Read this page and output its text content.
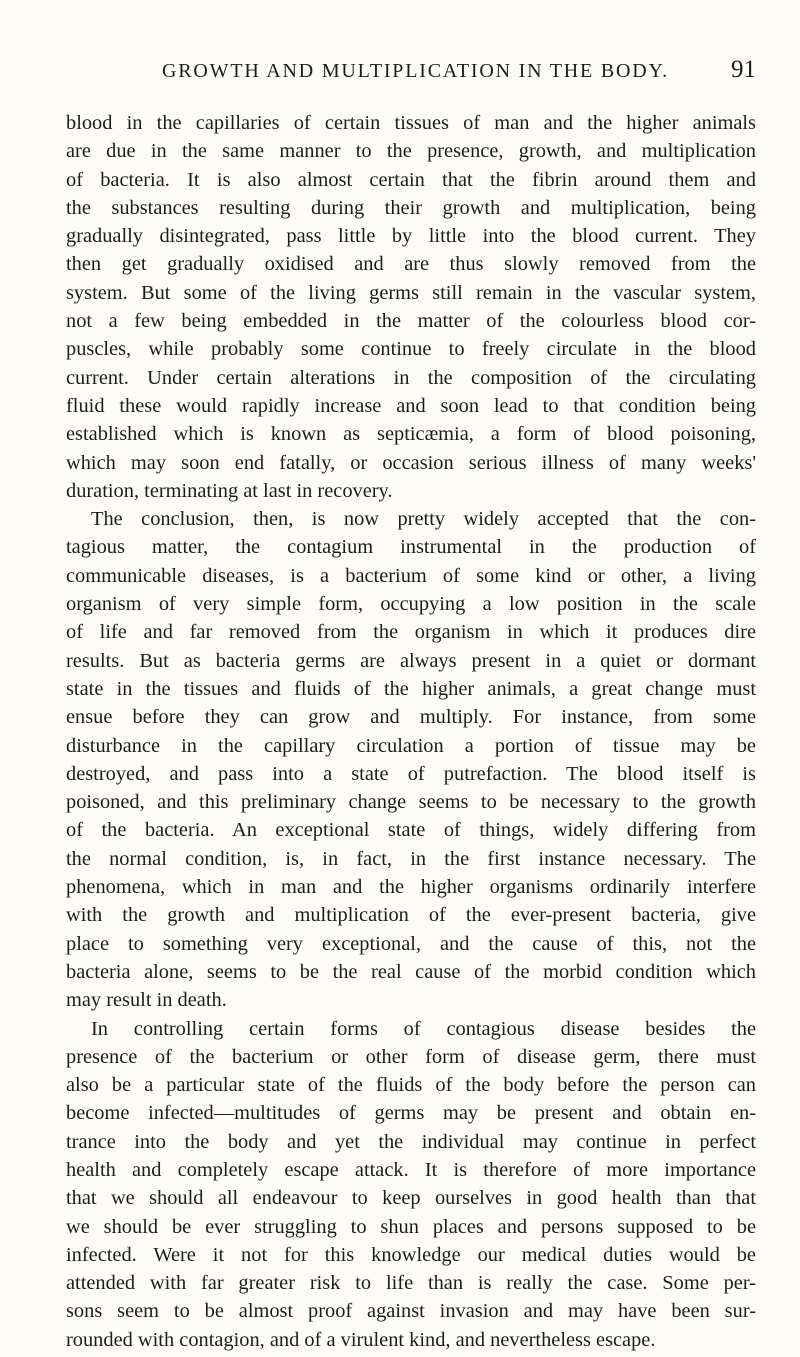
GROWTH AND MULTIPLICATION IN THE BODY.	91
blood in the capillaries of certain tissues of man and the higher animals
are due in the same manner to the presence, growth, and multiplication
of bacteria. It is also almost certain that the fibrin around them and
the substances resulting during their growth and multiplication, being
gradually disintegrated, pass little by little into the blood current. They
then get gradually oxidised and are thus slowly removed from the
system. But some of the living germs still remain in the vascular system,
not a few being embedded in the matter of the colourless blood cor-
puscles, while probably some continue to freely circulate in the blood
current. Under certain alterations in the composition of the circulating
fluid these would rapidly increase and soon lead to that condition being
established which is known as septicæmia, a form of blood poisoning,
which may soon end fatally, or occasion serious illness of many weeks'
duration, terminating at last in recovery.
The conclusion, then, is now pretty widely accepted that the con-
tagious matter, the contagium instrumental in the production of
communicable diseases, is a bacterium of some kind or other, a living
organism of very simple form, occupying a low position in the scale
of life and far removed from the organism in which it produces dire
results. But as bacteria germs are always present in a quiet or dormant
state in the tissues and fluids of the higher animals, a great change must
ensue before they can grow and multiply. For instance, from some
disturbance in the capillary circulation a portion of tissue may be
destroyed, and pass into a state of putrefaction. The blood itself is
poisoned, and this preliminary change seems to be necessary to the growth
of the bacteria. An exceptional state of things, widely differing from
the normal condition, is, in fact, in the first instance necessary. The
phenomena, which in man and the higher organisms ordinarily interfere
with the growth and multiplication of the ever-present bacteria, give
place to something very exceptional, and the cause of this, not the
bacteria alone, seems to be the real cause of the morbid condition which
may result in death.
In controlling certain forms of contagious disease besides the
presence of the bacterium or other form of disease germ, there must
also be a particular state of the fluids of the body before the person can
become infected—multitudes of germs may be present and obtain en-
trance into the body and yet the individual may continue in perfect
health and completely escape attack. It is therefore of more importance
that we should all endeavour to keep ourselves in good health than that
we should be ever struggling to shun places and persons supposed to be
infected. Were it not for this knowledge our medical duties would be
attended with far greater risk to life than is really the case. Some per-
sons seem to be almost proof against invasion and may have been sur-
rounded with contagion, and of a virulent kind, and nevertheless escape.
